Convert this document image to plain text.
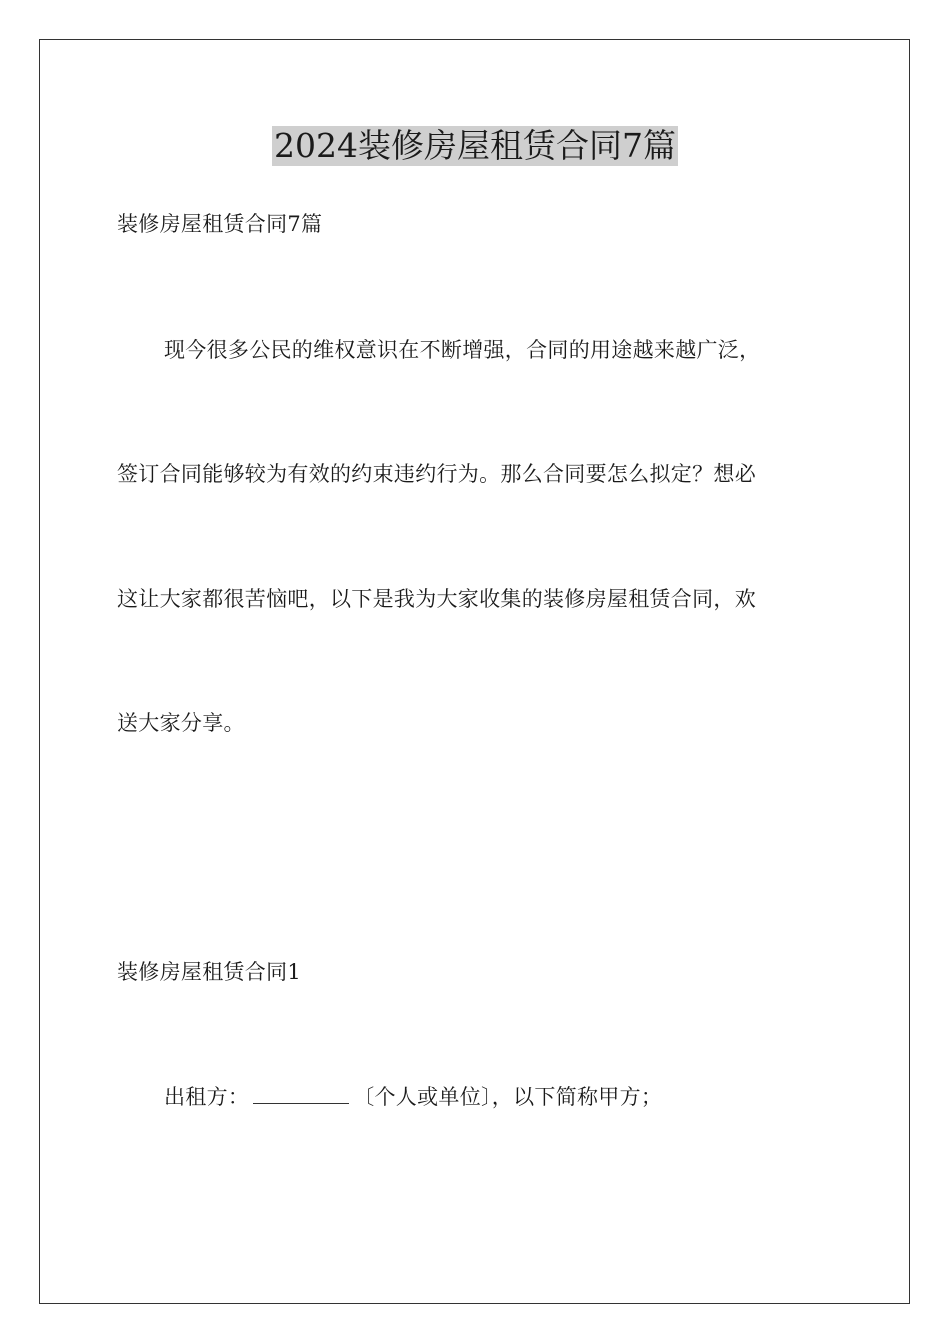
2024装修房屋租赁合同7篇
装修房屋租赁合同7篇
现今很多公民的维权意识在不断增强，合同的用途越来越广泛，
签订合同能够较为有效的约束违约行为。那么合同要怎么拟定？想必
这让大家都很苦恼吧，以下是我为大家收集的装修房屋租赁合同，欢
送大家分享。
装修房屋租赁合同1
出租方：	〔个人或单位〕，以下简称甲方；
